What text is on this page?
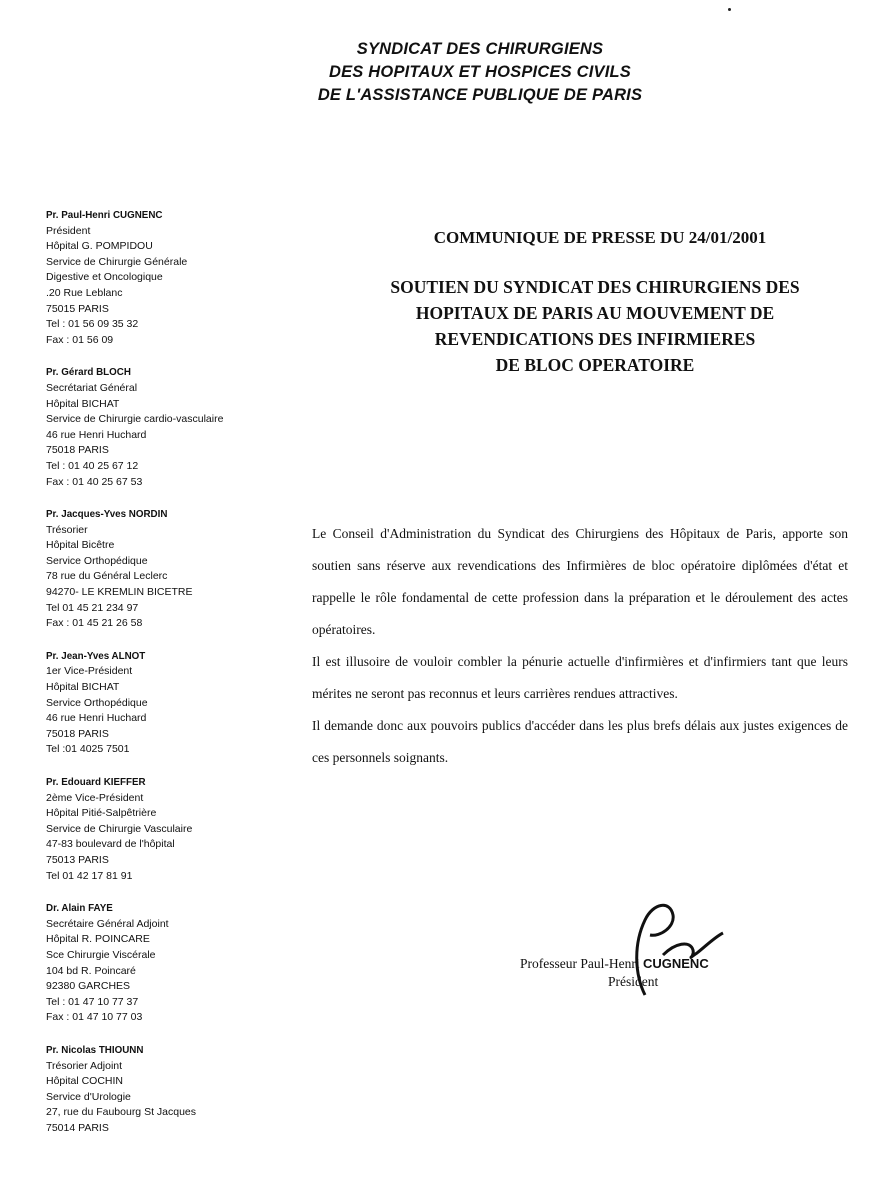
SYNDICAT DES CHIRURGIENS
DES HOPITAUX ET HOSPICES CIVILS
DE L'ASSISTANCE PUBLIQUE DE PARIS
Pr. Paul-Henri CUGNENC
Président
Hôpital G. POMPIDOU
Service de Chirurgie Générale
Digestive et Oncologique
.20 Rue Leblanc
75015 PARIS
Tel : 01 56 09 35 32
Fax : 01 56 09
Pr. Gérard BLOCH
Secrétariat Général
Hôpital BICHAT
Service de Chirurgie cardio-vasculaire
46 rue Henri Huchard
75018 PARIS
Tel : 01 40 25 67 12
Fax : 01 40 25 67 53
Pr. Jacques-Yves NORDIN
Trésorier
Hôpital Bicêtre
Service Orthopédique
78 rue du Général Leclerc
94270- LE KREMLIN BICETRE
Tel 01 45 21 234 97
Fax : 01 45 21 26 58
Pr. Jean-Yves ALNOT
1er Vice-Président
Hôpital BICHAT
Service Orthopédique
46 rue Henri Huchard
75018 PARIS
Tel :01 4025 7501
Pr. Edouard KIEFFER
2ème Vice-Président
Hôpital Pitié-Salpêtrière
Service de Chirurgie Vasculaire
47-83 boulevard de l'hôpital
75013 PARIS
Tel 01 42 17 81 91
Dr. Alain FAYE
Secrétaire Général Adjoint
Hôpital R. POINCARE
Sce Chirurgie Viscérale
104 bd R. Poincaré
92380 GARCHES
Tel : 01 47 10 77 37
Fax : 01 47 10 77 03
Pr. Nicolas THIOUNN
Trésorier Adjoint
Hôpital COCHIN
Service d'Urologie
27, rue du Faubourg St Jacques
75014 PARIS
COMMUNIQUE DE PRESSE DU 24/01/2001
SOUTIEN DU SYNDICAT DES CHIRURGIENS DES
HOPITAUX DE PARIS AU MOUVEMENT DE
REVENDICATIONS DES INFIRMIERES
DE BLOC OPERATOIRE

Le Conseil d'Administration du Syndicat des Chirurgiens des Hôpitaux de Paris, apporte son soutien sans réserve aux revendications des Infirmières de bloc opératoire diplômées d'état et rappelle le rôle fondamental de cette profession dans la préparation et le déroulement des actes opératoires.

Il est illusoire de vouloir combler la pénurie actuelle d'infirmières et d'infirmiers tant que leurs mérites ne seront pas reconnus et leurs carrières rendues attractives.

Il demande donc aux pouvoirs publics d'accéder dans les plus brefs délais aux justes exigences de ces personnels soignants.

Professeur Paul-Henri CUGNENC
Président
